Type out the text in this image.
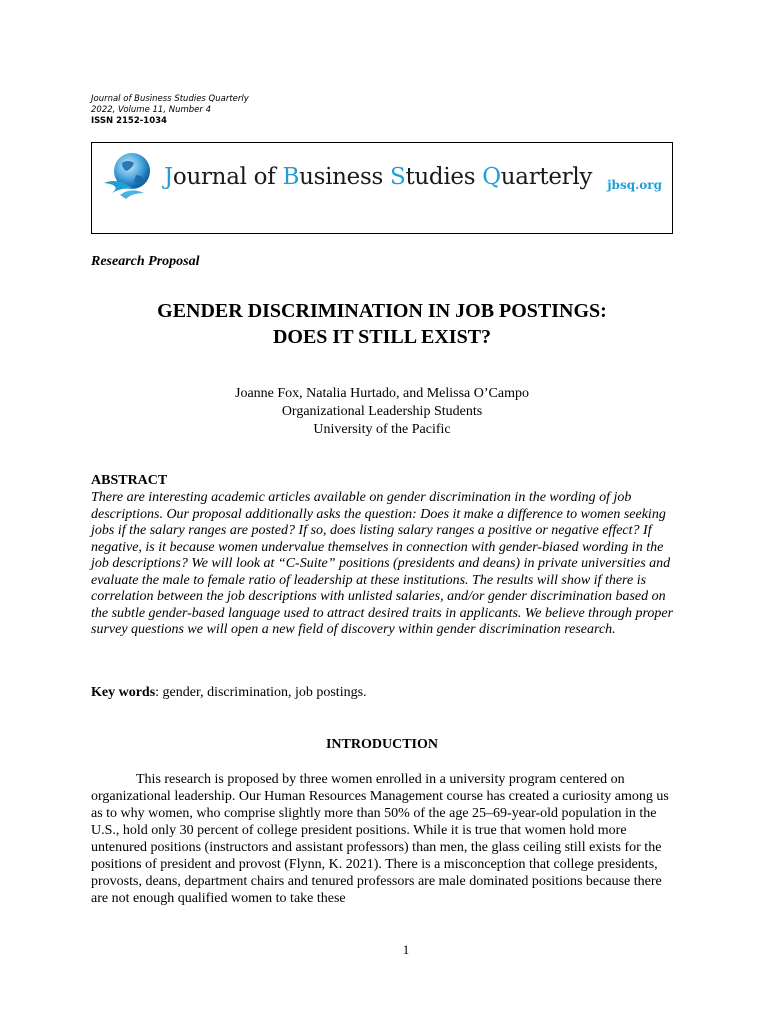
Journal of Business Studies Quarterly
2022, Volume 11, Number 4
ISSN 2152-1034
Journal of Business Studies Quarterly jbsq.org
Research Proposal
GENDER DISCRIMINATION IN JOB POSTINGS:
DOES IT STILL EXIST?
Joanne Fox, Natalia Hurtado, and Melissa O’Campo
Organizational Leadership Students
University of the Pacific
ABSTRACT
There are interesting academic articles available on gender discrimination in the wording of job descriptions. Our proposal additionally asks the question: Does it make a difference to women seeking jobs if the salary ranges are posted? If so, does listing salary ranges a positive or negative effect? If negative, is it because women undervalue themselves in connection with gender-biased wording in the job descriptions? We will look at “C-Suite” positions (presidents and deans) in private universities and evaluate the male to female ratio of leadership at these institutions. The results will show if there is correlation between the job descriptions with unlisted salaries, and/or gender discrimination based on the subtle gender-based language used to attract desired traits in applicants. We believe through proper survey questions we will open a new field of discovery within gender discrimination research.
Key words: gender, discrimination, job postings.
INTRODUCTION
This research is proposed by three women enrolled in a university program centered on organizational leadership. Our Human Resources Management course has created a curiosity among us as to why women, who comprise slightly more than 50% of the age 25–69-year-old population in the U.S., hold only 30 percent of college president positions. While it is true that women hold more untenured positions (instructors and assistant professors) than men, the glass ceiling still exists for the positions of president and provost (Flynn, K. 2021). There is a misconception that college presidents, provosts, deans, department chairs and tenured professors are male dominated positions because there are not enough qualified women to take these
1
